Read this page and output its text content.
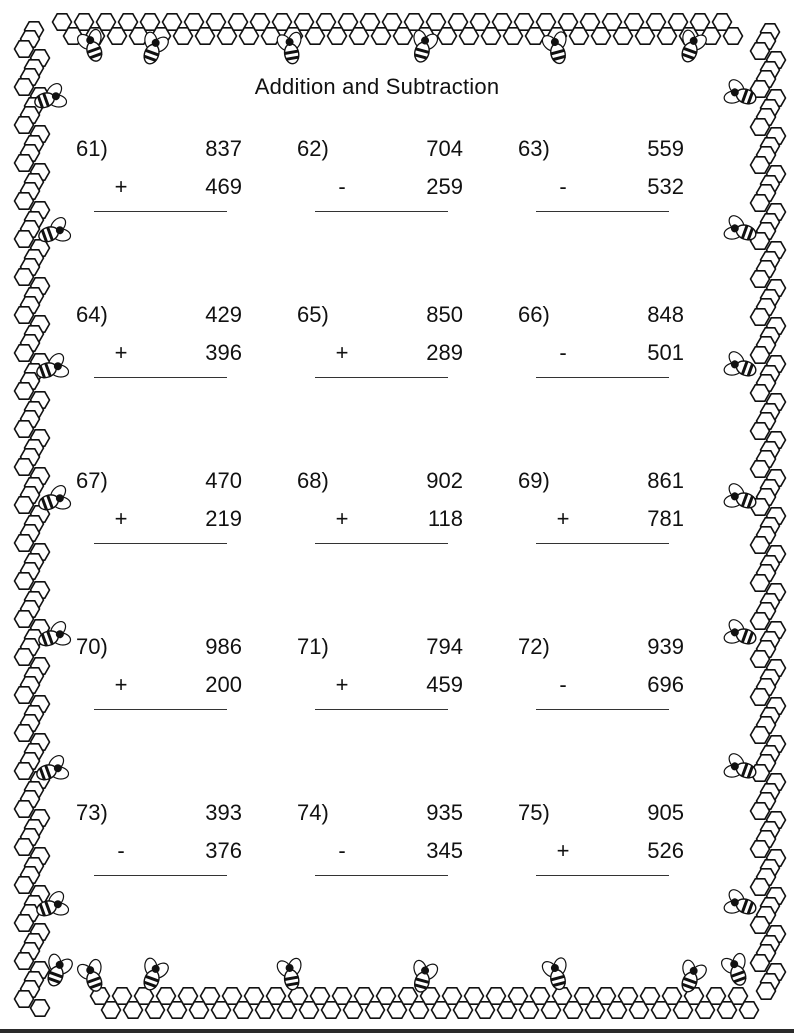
Addition and Subtraction
61)	837
+	469
62)	704
-	259
63)	559
-	532
64)	429
+	396
65)	850
+	289
66)	848
-	501
67)	470
+	219
68)	902
+	118
69)	861
+	781
70)	986
+	200
71)	794
+	459
72)	939
-	696
73)	393
-	376
74)	935
-	345
75)	905
+	526
